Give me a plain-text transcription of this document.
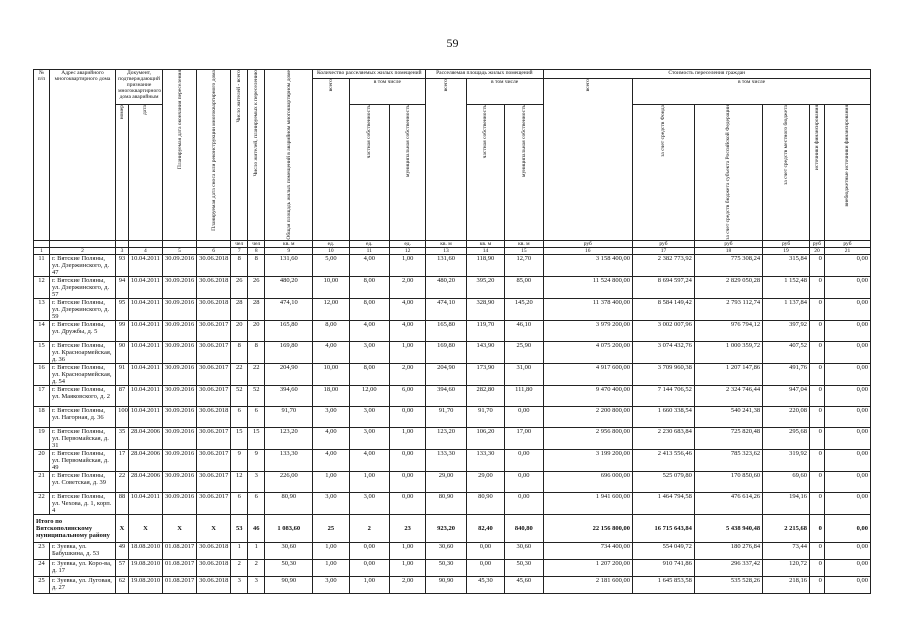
59
№ п/п	Адрес аварийного многоквартирного дома	Документ, подтверждающий признание многоквартирного дома аварийным		Планируемая дата окончания переселения	Планируемая дата сноса или реконструкции многоквартирного дома	Число жителей - всего	Число жителей, планируемых к переселению	Общая площадь жилых помещений в аварийном многоквартирном доме	Количество расселяемых жилых помещений			Расселяемая площадь жилых помещений			Стоимость переселения граждан					

									всего	в том числе		всего	в том числе		всего	в том числе				

		номер	дата							частная собственность	муниципальная собственность		частная собственность	муниципальная собственность		за счет средств Фонда	за счет средств бюджета субъекта Российской Федерации	за счет средств местного бюджета	источники финансирования	внебюджетные источники финансирования

						чел	чел	кв. м	ед.	ед.	ед.	кв. м	кв. м	кв. м	руб	руб	руб	руб	руб	руб
1	2	3	4	5	6	7	8	9	10	11	12	13	14	15	16	17	18	19	20	21
11	г. Вятские Поляны, ул. Дзержинского, д. 47	93	10.04.2011	30.09.2016	30.06.2018	8	8	131,60	5,00	4,00	1,00	131,60	118,90	12,70	3 158 400,00	2 382 773,92	775 308,24	315,84	0	0,00
12	г. Вятские Поляны, ул. Дзержинского, д. 57	94	10.04.2011	30.09.2016	30.06.2018	26	26	480,20	10,00	8,00	2,00	480,20	395,20	85,00	11 524 800,00	8 694 597,24	2 829 050,28	1 152,48	0	0,00
13	г. Вятские Поляны, ул. Дзержинского, д. 59	95	10.04.2011	30.09.2016	30.06.2018	28	28	474,10	12,00	8,00	4,00	474,10	328,90	145,20	11 378 400,00	8 584 149,42	2 793 112,74	1 137,84	0	0,00
14	г. Вятские Поляны, ул. Дружбы, д. 5	99	10.04.2011	30.09.2016	30.06.2017	20	20	165,80	8,00	4,00	4,00	165,80	119,70	46,10	3 979 200,00	3 002 007,96	976 794,12	397,92	0	0,00
15	г. Вятские Поляны, ул. Красноармейская, д. 36	90	10.04.2011	30.09.2016	30.06.2017	8	8	169,80	4,00	3,00	1,00	169,80	143,90	25,90	4 075 200,00	3 074 432,76	1 000 359,72	407,52	0	0,00
16	г. Вятские Поляны, ул. Красноармейская, д. 54	91	10.04.2011	30.09.2016	30.06.2017	22	22	204,90	10,00	8,00	2,00	204,90	173,90	31,00	4 917 600,00	3 709 960,38	1 207 147,86	491,76	0	0,00
17	г. Вятские Поляны, ул. Маяковского, д. 2	87	10.04.2011	30.09.2016	30.06.2017	52	52	394,60	18,00	12,00	6,00	394,60	282,80	111,80	9 470 400,00	7 144 706,52	2 324 746,44	947,04	0	0,00
18	г. Вятские Поляны, ул. Нагорная, д. 36	100	10.04.2011	30.09.2016	30.06.2018	6	6	91,70	3,00	3,00	0,00	91,70	91,70	0,00	2 200 800,00	1 660 338,54	540 241,38	220,08	0	0,00
19	г. Вятские Поляны, ул. Первомайская, д. 31	35	28.04.2006	30.09.2016	30.06.2017	15	15	123,20	4,00	3,00	1,00	123,20	106,20	17,00	2 956 800,00	2 230 683,84	725 820,48	295,68	0	0,00
20	г. Вятские Поляны, ул. Первомайская, д. 49	17	28.04.2006	30.09.2016	30.06.2017	9	9	133,30	4,00	4,00	0,00	133,30	133,30	0,00	3 199 200,00	2 413 556,46	785 323,62	319,92	0	0,00
21	г. Вятские Поляны, ул. Советская, д. 39	22	28.04.2006	30.09.2016	30.06.2017	12	3	226,00	1,00	1,00	0,00	29,00	29,00	0,00	696 000,00	525 079,80	170 850,60	69,60	0	0,00
22	г. Вятские Поляны, ул. Чехова, д. 1, корп. 4	88	10.04.2011	30.09.2016	30.06.2017	6	6	80,90	3,00	3,00	0,00	80,90	80,90	0,00	1 941 600,00	1 464 794,58	476 614,26	194,16	0	0,00
Итого по Вятскополянскому муниципальному району		X	X	X	X	53	46	1 083,60	25	2	23	923,20	82,40	840,80	22 156 800,00	16 715 643,84	5 438 940,48	2 215,68	0	0,00
23	г. Зуевка, ул. Бабушкина, д. 53	49	18.08.2010	01.08.2017	30.06.2018	1	1	30,60	1,00	0,00	1,00	30,60	0,00	30,60	734 400,00	554 049,72	180 276,84	73,44	0	0,00
24	г. Зуевка, ул. Коро-ва, д. 17	57	19.08.2010	01.08.2017	30.06.2018	2	2	50,30	1,00	0,00	1,00	50,30	0,00	50,30	1 207 200,00	910 741,86	296 337,42	120,72	0	0,00
25	г. Зуевка, ул. Луговая, д. 27	62	19.08.2010	01.08.2017	30.06.2018	3	3	90,90	3,00	1,00	2,00	90,90	45,30	45,60	2 181 600,00	1 645 853,58	535 528,26	218,16	0	0,00
